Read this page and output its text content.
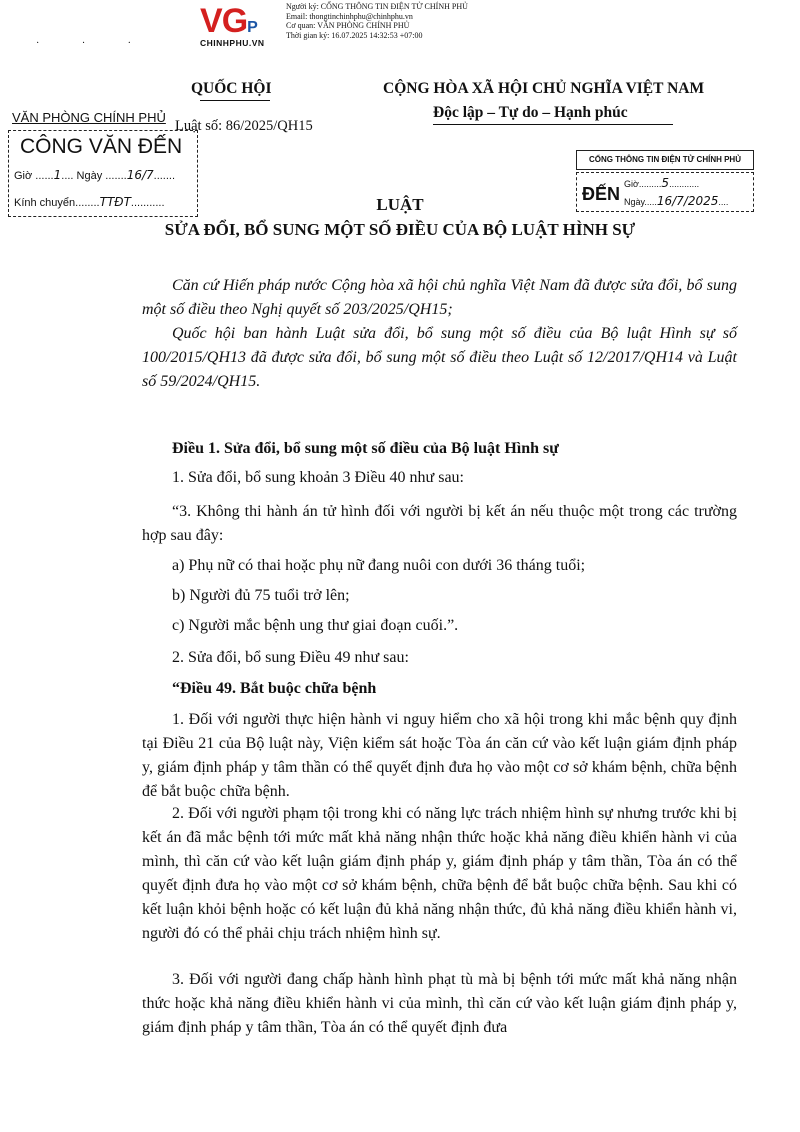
VGP
CHINHPHU.VN
Người ký: CỔNG THÔNG TIN ĐIỆN TỬ CHÍNH PHỦ
Email: thongtinchinhphu@chinhphu.vn
Cơ quan: VĂN PHÒNG CHÍNH PHỦ
Thời gian ký: 16.07.2025 14:32:53 +07:00
· · ·
QUỐC HỘI
Luật số: 86/2025/QH15
CỘNG HÒA XÃ HỘI CHỦ NGHĨA VIỆT NAM
Độc lập – Tự do – Hạnh phúc
VĂN PHÒNG CHÍNH PHỦ
CÔNG VĂN ĐẾN
Giờ ......1.... Ngày .......16/7.......
Kính chuyển........TTĐT...........
CỔNG THÔNG TIN ĐIỆN TỬ CHÍNH PHỦ
ĐẾN Giờ.........5............
Ngày.....16/7/2025....
LUẬT
SỬA ĐỔI, BỔ SUNG MỘT SỐ ĐIỀU CỦA BỘ LUẬT HÌNH SỰ
Căn cứ Hiến pháp nước Cộng hòa xã hội chủ nghĩa Việt Nam đã được sửa đổi, bổ sung một số điều theo Nghị quyết số 203/2025/QH15;
Quốc hội ban hành Luật sửa đổi, bổ sung một số điều của Bộ luật Hình sự số 100/2015/QH13 đã được sửa đổi, bổ sung một số điều theo Luật số 12/2017/QH14 và Luật số 59/2024/QH15.
Điều 1. Sửa đổi, bổ sung một số điều của Bộ luật Hình sự
1. Sửa đổi, bổ sung khoản 3 Điều 40 như sau:
“3. Không thi hành án tử hình đối với người bị kết án nếu thuộc một trong các trường hợp sau đây:
a) Phụ nữ có thai hoặc phụ nữ đang nuôi con dưới 36 tháng tuổi;
b) Người đủ 75 tuổi trở lên;
c) Người mắc bệnh ung thư giai đoạn cuối.”.
2. Sửa đổi, bổ sung Điều 49 như sau:
“Điều 49. Bắt buộc chữa bệnh
1. Đối với người thực hiện hành vi nguy hiểm cho xã hội trong khi mắc bệnh quy định tại Điều 21 của Bộ luật này, Viện kiểm sát hoặc Tòa án căn cứ vào kết luận giám định pháp y, giám định pháp y tâm thần có thể quyết định đưa họ vào một cơ sở khám bệnh, chữa bệnh để bắt buộc chữa bệnh.
2. Đối với người phạm tội trong khi có năng lực trách nhiệm hình sự nhưng trước khi bị kết án đã mắc bệnh tới mức mất khả năng nhận thức hoặc khả năng điều khiển hành vi của mình, thì căn cứ vào kết luận giám định pháp y, giám định pháp y tâm thần, Tòa án có thể quyết định đưa họ vào một cơ sở khám bệnh, chữa bệnh để bắt buộc chữa bệnh. Sau khi có kết luận khỏi bệnh hoặc có kết luận đủ khả năng nhận thức, đủ khả năng điều khiển hành vi, người đó có thể phải chịu trách nhiệm hình sự.
3. Đối với người đang chấp hành hình phạt tù mà bị bệnh tới mức mất khả năng nhận thức hoặc khả năng điều khiển hành vi của mình, thì căn cứ vào kết luận giám định pháp y, giám định pháp y tâm thần, Tòa án có thể quyết định đưa
